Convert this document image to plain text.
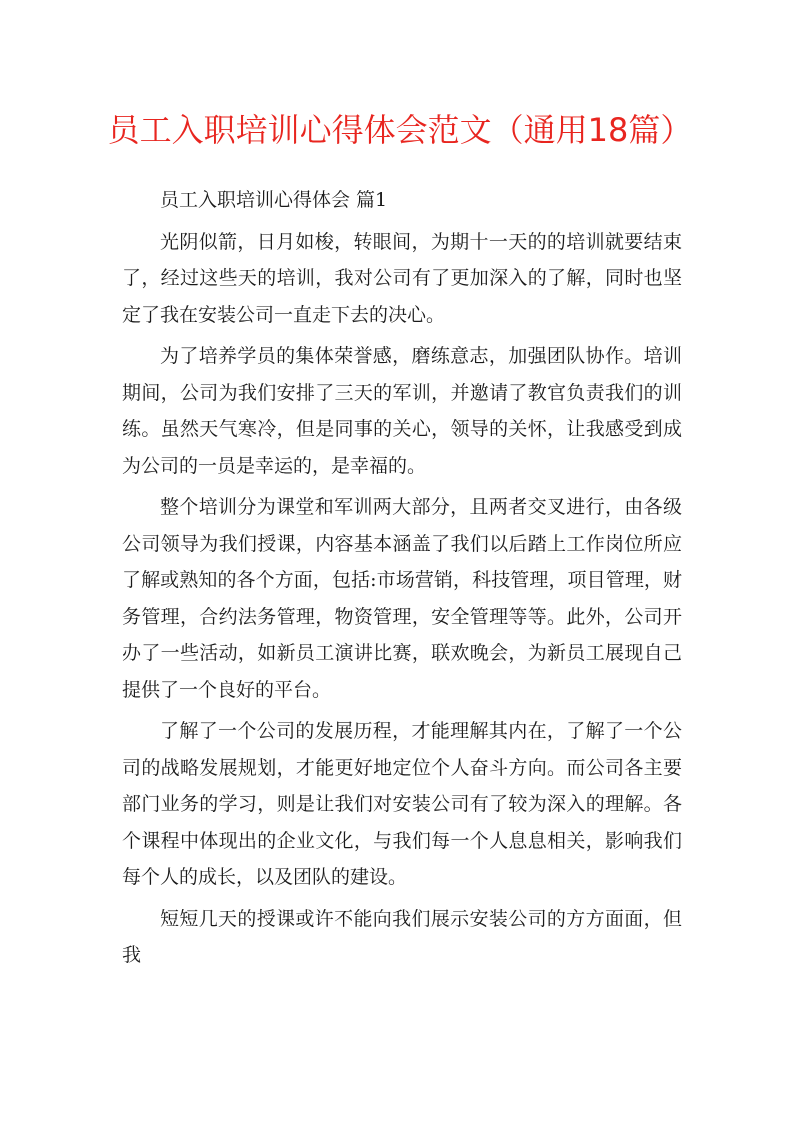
员工入职培训心得体会范文（通用18篇）

员工入职培训心得体会 篇1

光阴似箭，日月如梭，转眼间，为期十一天的的培训就要结束了，经过这些天的培训，我对公司有了更加深入的了解，同时也坚定了我在安装公司一直走下去的决心。

为了培养学员的集体荣誉感，磨练意志，加强团队协作。培训期间，公司为我们安排了三天的军训，并邀请了教官负责我们的训练。虽然天气寒冷，但是同事的关心，领导的关怀，让我感受到成为公司的一员是幸运的，是幸福的。

整个培训分为课堂和军训两大部分，且两者交叉进行，由各级公司领导为我们授课，内容基本涵盖了我们以后踏上工作岗位所应了解或熟知的各个方面，包括:市场营销，科技管理，项目管理，财务管理，合约法务管理，物资管理，安全管理等等。此外，公司开办了一些活动，如新员工演讲比赛，联欢晚会，为新员工展现自己提供了一个良好的平台。

了解了一个公司的发展历程，才能理解其内在，了解了一个公司的战略发展规划，才能更好地定位个人奋斗方向。而公司各主要部门业务的学习，则是让我们对安装公司有了较为深入的理解。各个课程中体现出的企业文化，与我们每一个人息息相关，影响我们每个人的成长，以及团队的建设。

短短几天的授课或许不能向我们展示安装公司的方方面面，但我
